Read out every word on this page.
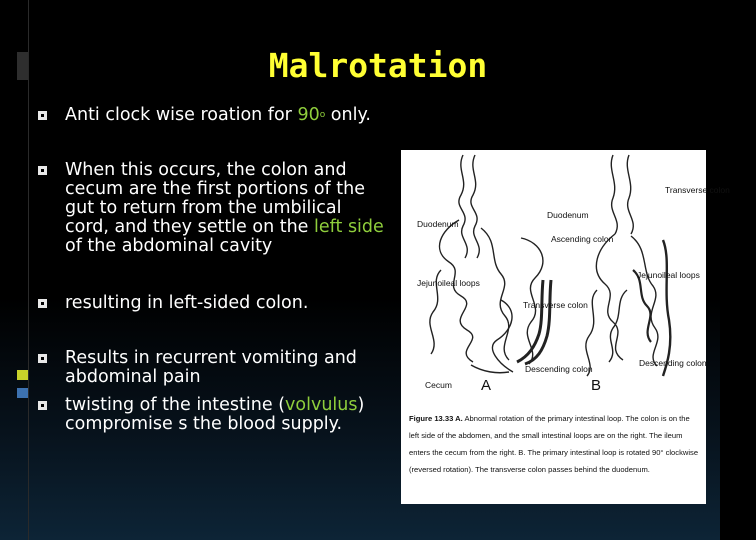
Malrotation
Anti clock wise roation for 90$^o$ only.
When this occurs, the colon and cecum are the first portions of the gut to return from the umbilical cord, and they settle on the left side of the abdominal cavity
resulting in left-sided colon.
Results in recurrent vomiting and abdominal pain
twisting of the intestine (volvulus) compromise s the blood supply.
Duodenum
Jejunoileal loops
Transverse colon
Descending colon
Cecum A
Transverse colon
Duodenum
Ascending colon
Jejunoileal loops
Descending colon
B
Figure 13.33 A. Abnormal rotation of the primary intestinal loop. The colon is on the
left side of the abdomen, and the small intestinal loops are on the right. The ileum
enters the cecum from the right. B. The primary intestinal loop is rotated 90° clockwise
(reversed rotation). The transverse colon passes behind the duodenum.
